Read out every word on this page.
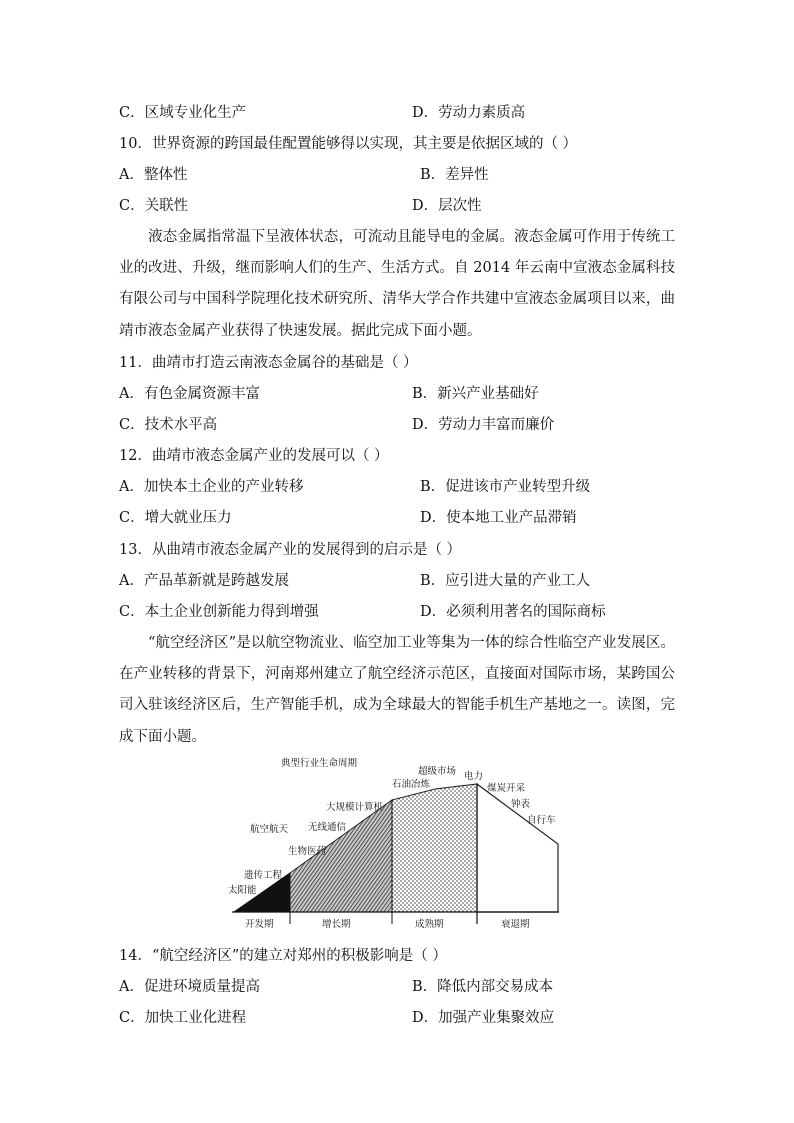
C．区域专业化生产	D．劳动力素质高
10．世界资源的跨国最佳配置能够得以实现，其主要是依据区域的（ ）
A．整体性	B．差异性
C．关联性	D．层次性
液态金属指常温下呈液体状态，可流动且能导电的金属。液态金属可作用于传统工业的改进、升级，继而影响人们的生产、生活方式。自 2014 年云南中宣液态金属科技有限公司与中国科学院理化技术研究所、清华大学合作共建中宣液态金属项目以来，曲靖市液态金属产业获得了快速发展。据此完成下面小题。
11．曲靖市打造云南液态金属谷的基础是（ ）
A．有色金属资源丰富	B．新兴产业基础好
C．技术水平高	D．劳动力丰富而廉价
12．曲靖市液态金属产业的发展可以（ ）
A．加快本土企业的产业转移	B．促进该市产业转型升级
C．增大就业压力	D．使本地工业产品滞销
13．从曲靖市液态金属产业的发展得到的启示是（ ）
A．产品革新就是跨越发展	B．应引进大量的产业工人
C．本土企业创新能力得到增强	D．必须利用著名的国际商标
“航空经济区”是以航空物流业、临空加工业等集为一体的综合性临空产业发展区。在产业转移的背景下，河南郑州建立了航空经济示范区，直接面对国际市场，某跨国公司入驻该经济区后，生产智能手机，成为全球最大的智能手机生产基地之一。读图，完成下面小题。
典型行业生命周期
太阳能
遗传工程
生物医药
航空航天 无线通信
大规模计算机
石油冶炼
超级市场 电力
煤炭开采
钟表
自行车
开发期	增长期	成熟期	衰退期
14．“航空经济区”的建立对郑州的积极影响是（ ）
A．促进环境质量提高	B．降低内部交易成本
C．加快工业化进程	D．加强产业集聚效应
